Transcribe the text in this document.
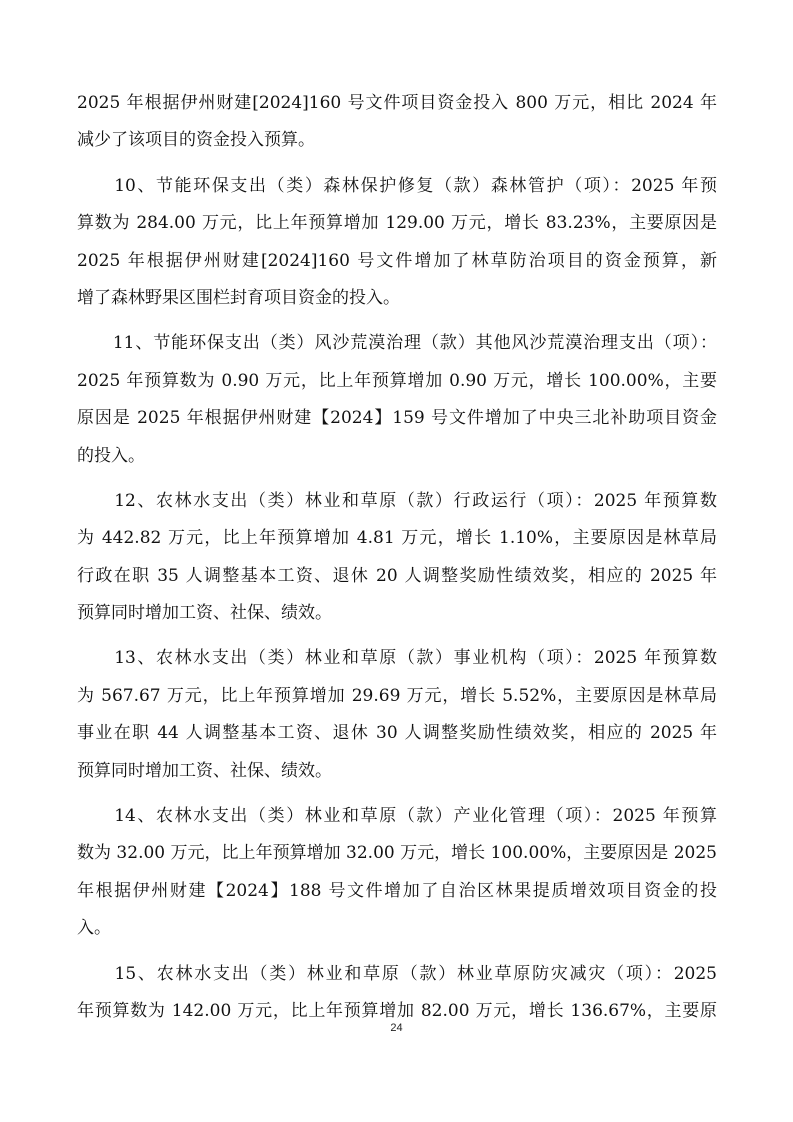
2025 年根据伊州财建[2024]160 号文件项目资金投入 800 万元，相比 2024 年
减少了该项目的资金投入预算。
　　10、节能环保支出（类）森林保护修复（款）森林管护（项）：2025 年预
算数为 284.00 万元，比上年预算增加 129.00 万元，增长 83.23%，主要原因是
2025 年根据伊州财建[2024]160 号文件增加了林草防治项目的资金预算，新
增了森林野果区围栏封育项目资金的投入。
　　11、节能环保支出（类）风沙荒漠治理（款）其他风沙荒漠治理支出（项）：
2025 年预算数为 0.90 万元，比上年预算增加 0.90 万元，增长 100.00%，主要
原因是 2025 年根据伊州财建【2024】159 号文件增加了中央三北补助项目资金
的投入。
　　12、农林水支出（类）林业和草原（款）行政运行（项）：2025 年预算数
为 442.82 万元，比上年预算增加 4.81 万元，增长 1.10%，主要原因是林草局
行政在职 35 人调整基本工资、退休 20 人调整奖励性绩效奖，相应的 2025 年
预算同时增加工资、社保、绩效。
　　13、农林水支出（类）林业和草原（款）事业机构（项）：2025 年预算数
为 567.67 万元，比上年预算增加 29.69 万元，增长 5.52%，主要原因是林草局
事业在职 44 人调整基本工资、退休 30 人调整奖励性绩效奖，相应的 2025 年
预算同时增加工资、社保、绩效。
　　14、农林水支出（类）林业和草原（款）产业化管理（项）：2025 年预算
数为 32.00 万元，比上年预算增加 32.00 万元，增长 100.00%，主要原因是 2025
年根据伊州财建【2024】188 号文件增加了自治区林果提质增效项目资金的投
入。
　　15、农林水支出（类）林业和草原（款）林业草原防灾减灾（项）：2025
年预算数为 142.00 万元，比上年预算增加 82.00 万元，增长 136.67%，主要原
24
